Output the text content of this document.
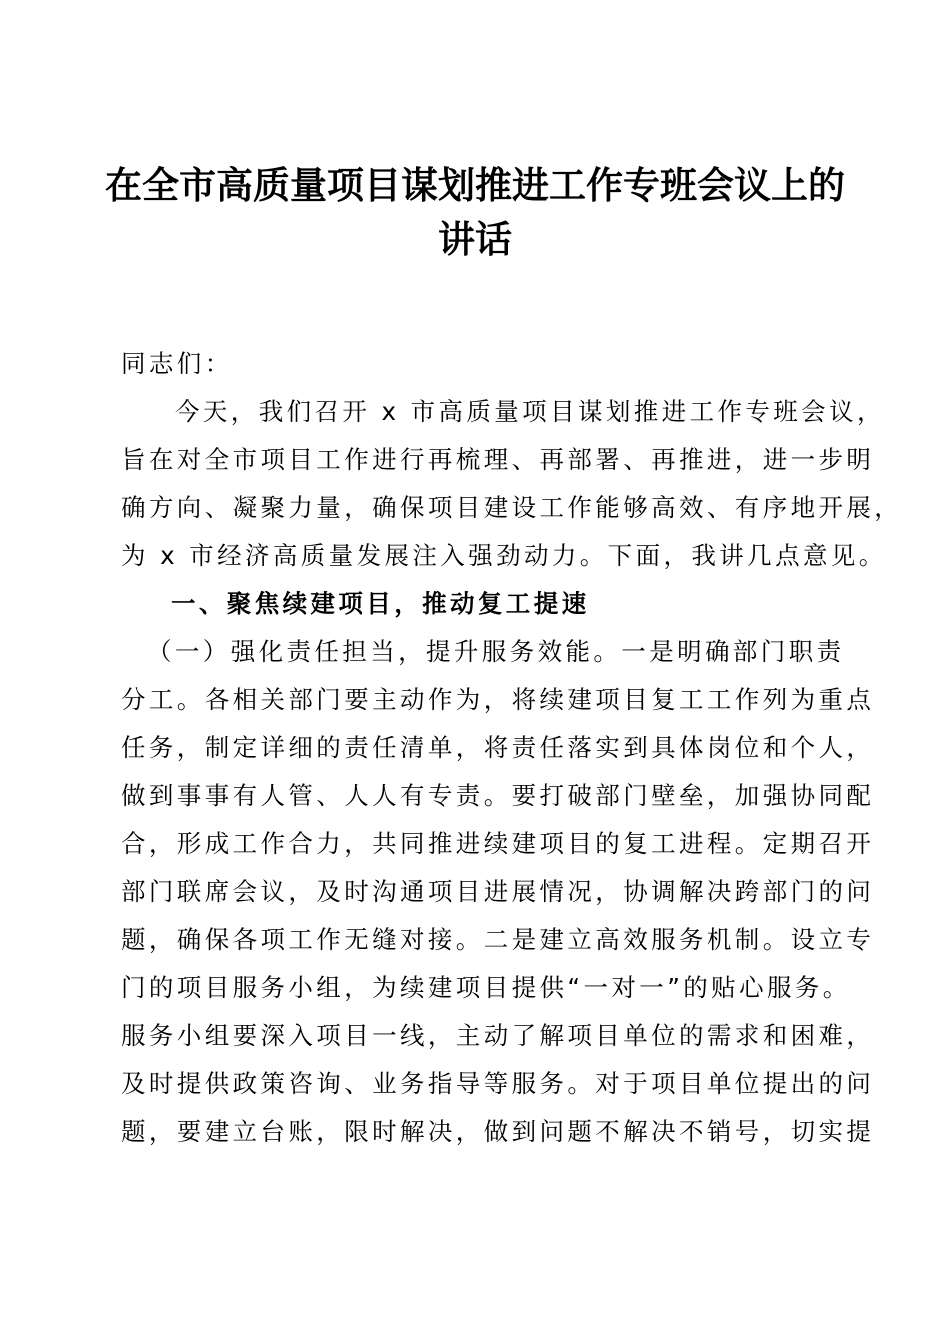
在全市高质量项目谋划推进工作专班会议上的
讲话
同志们：
今天，我们召开 x 市高质量项目谋划推进工作专班会议，
旨在对全市项目工作进行再梳理、再部署、再推进，进一步明
确方向、凝聚力量，确保项目建设工作能够高效、有序地开展，
为 x 市经济高质量发展注入强劲动力。下面，我讲几点意见。
一、聚焦续建项目，推动复工提速
（一）强化责任担当，提升服务效能。一是明确部门职责
分工。各相关部门要主动作为，将续建项目复工工作列为重点
任务，制定详细的责任清单，将责任落实到具体岗位和个人，
做到事事有人管、人人有专责。要打破部门壁垒，加强协同配
合，形成工作合力，共同推进续建项目的复工进程。定期召开
部门联席会议，及时沟通项目进展情况，协调解决跨部门的问
题，确保各项工作无缝对接。二是建立高效服务机制。设立专
门的项目服务小组，为续建项目提供“一对一”的贴心服务。
服务小组要深入项目一线，主动了解项目单位的需求和困难，
及时提供政策咨询、业务指导等服务。对于项目单位提出的问
题，要建立台账，限时解决，做到问题不解决不销号，切实提
